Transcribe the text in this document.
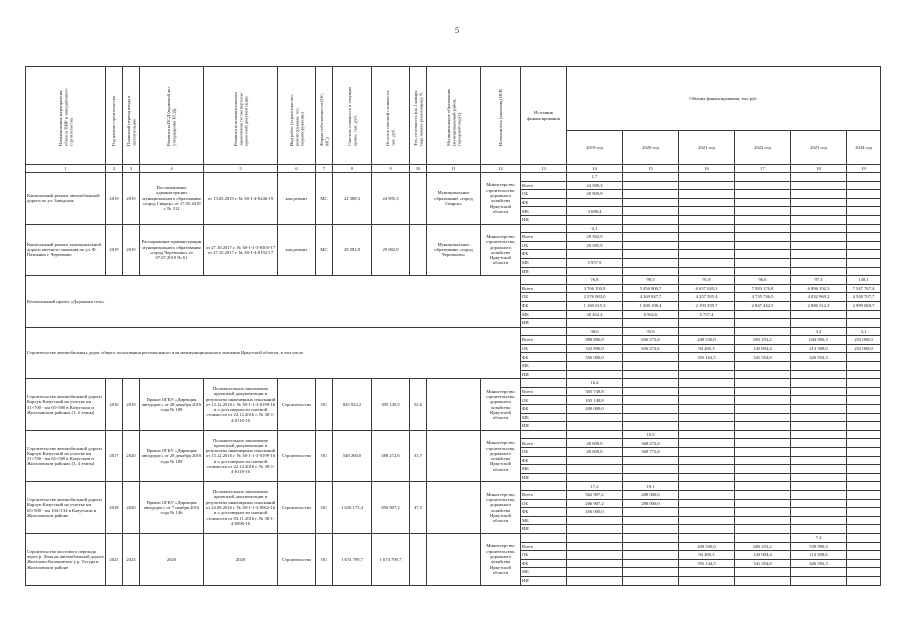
5
Наименование мероприятия, объекта ПИР и завершённого строительства	Год начала строительства	Плановый период ввода в эксплуатацию	Реквизиты ПСД (правовой акт утверждения ПСД)	Реквизиты положительного заключения госэкспертизы проектной документации	Вид работ (строительство, реконструкция, тех. перевооружение)	Форма собственности (ОС, МС)	Сметная стоимость в текущих ценах, тыс. руб.	Остаток сметной стоимости, тыс. руб.	Тех. готовность (на 1 января года начала реализации), %	Муниципальное образование (муниципальный район, городской округ)	Исполнитель (заказчик) ОГВ	Источник финансирования	Объемы финансирования, тыс.руб.					
													2019 год	2020 год	2021 год	2022 год	2023 год	2024 год
1	2	3	4	5	6	7	8	9	10	11	12	13	14	15	16	17	18	19
Капитальный ремонт автомобильной дороги по ул. Заводская	2019	2019	Постановление администрации муниципального образования «город Свирск» от 17.05.2019 г. № 312	от 13.05.2019 г. № 38-1-4-0246-19	кап.ремонт	МС	24 588,3	24 995,3		Муниципальное образование «город Свирск»	Министерство строительства, дорожного хозяйства Иркутской области		1,7					
												Всего	24 589,3					
												ОБ	20 900,9					
												ФБ						
												МБ	3 688,4					
												ИИ						
Капитальный ремонт муниципальной дороги местного значения по ул. Ф. Патокина г. Черемхово	2019	2019	Распоряжение администрации муниципального образования «город Черемхово» от 07.07.2019 № 61	от 27.10.2017 г. № 38-1-1-3-0503-17 от 27.10.2017 г. № 38-1-4-0192-17	кап.ремонт	МС	29 582,9	29 982,9		Муниципальное образование «город Черемхово»	Министерство строительства, дорожного хозяйства Иркутской области		0,1					
												Всего	29 582,9					
												ОБ	29 585,9					
												ФБ						
												МБ	5 957,9					
												ИИ						
Региональный проект «Дорожная сеть»													76,8	99,5	91,8	96,6	97,3	138,1
												Всего	3 766 350,9	5 456 800,7	6 657 020,3	7 583 176,8	6 896 192,3	7 547 767,4
												ОБ	2 576 083,0	4 269 847,7	4 257 505,4	4 735 736,5	4 032 969,2	4 548 707,7
												ФБ	1 160 015,3	1 200 198,4	2 193 559,7	2 847 442,5	2 886 512,3	2 999 060,7
												МБ	30 452,4	6 562,6	5 757,4			
												ИИ						
Строительство автомобильных дорог общего пользования регионального или межмуниципального значения Иркутской области, в том числе													38,6	35,6			3,2	3,1
												Всего	888 896,9	656 272,6	449 530,0	685 253,2	643 990,3	252 000,0
												ОБ	332 896,9	656 272,6	94 405,3	145 894,4	213 398,0	252 000,0
												ФБ	556 000,0		355 164,5	541 354,8	426 592,3	
												МБ						
												ИИ						
Строительство автомобильной дороги Карлук-Качугский на участке км 31+700 - км 65+500 в Качугском и Жигаловском районах (1, 2 этапы)	2016	2019	Приказ ОГКУ «Дирекция автодорог» от 28 декабря 2016 года № 188	Положительное заключение проектной документации и результаты инженерных изысканий от 13.12.2016 г. № 38-1-1-3-0199-16 и о достоверности сметной стоимости от 22.12.2016 г. № 38-1-4-0118-16	Строительство	ОС	843 922,2	395 149,5	52,6		Министерство строительства, дорожного хозяйства Иркутской области		16,4					
												Всего	305 748,8					
												ОБ	105 148,8					
												ФБ	200 000,0					
												МБ						
												ИИ						
Строительство автомобильной дороги Карлук-Качугский на участке км 31+700 - км 65+500 в Качугском и Жигаловском районах (3, 4 этапы)	2017	2020	Приказ ОГКУ «Дирекция автодорог» от 28 декабря 2016 года № 189	Положительное заключение проектной документации и результаты инженерных изысканий от 13.12.2016 г. № 38-1-1-3-0199-16 и о достоверности сметной стоимости от 22.12.2016 г. № 38-1-4-0118-16	Строительство	ОС	548 260,0	388 272,6	31,7		Министерство строительства, дорожного хозяйства Иркутской области			10,5				
												Всего	20 000,0	368 272,6				
												ОБ	20 000,0	368 772,6				
												ФБ						
												МБ						
												ИИ						
Строительство автомобильной дороги Карлук-Качугский на участке км 65+500 - км 104+134 в Качугском и Жигаловском районе	2018	2020	Приказ ОГКУ «Дирекция автодорог» от 7 ноября 2016 года № 146	Положительное заключение проектной документации и результаты инженерных изысканий от 24.08.2016 г. № 38-1-1-3-0062-16 и о достоверности сметной стоимости от 03.11.2016 г. № 38-1-4-0096-16	Строительство	ОС	1 620 175,4	850 907,2	47,5		Министерство строительства, дорожного хозяйства Иркутской области		17,2	19,1				
												Всего	562 907,2	288 000,0				
												ОБ	206 907,2	288 000,0				
												ФБ	356 000,0					
												МБ						
												ИИ						
Строительство мостового перехода через р. Лена на автомобильной дороге Жигалово-Казачинское у р. Тутура в Жигаловском районе	2021	2023	2020	2020	Строительство	ОС	1 674 799,7	1 674 799,7			Министерство строительства, дорожного хозяйства Иркутской области						7,2	
												Всего			449 530,0	685 253,2	539 990,3	
												ОБ			94 405,3	143 904,4	113 398,0	
												ФБ			355 144,5	541 354,8	426 592,3	
												МБ						
												ИИ						
